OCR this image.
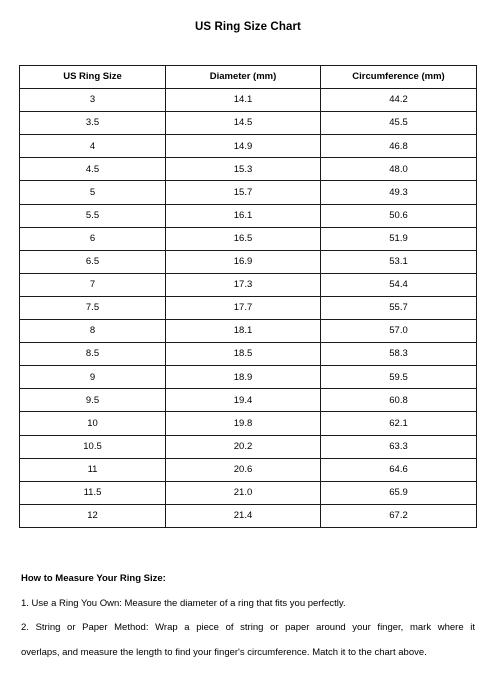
US Ring Size Chart
US Ring Size	Diameter (mm)	Circumference (mm)
3	14.1	44.2
3.5	14.5	45.5
4	14.9	46.8
4.5	15.3	48.0
5	15.7	49.3
5.5	16.1	50.6
6	16.5	51.9
6.5	16.9	53.1
7	17.3	54.4
7.5	17.7	55.7
8	18.1	57.0
8.5	18.5	58.3
9	18.9	59.5
9.5	19.4	60.8
10	19.8	62.1
10.5	20.2	63.3
11	20.6	64.6
11.5	21.0	65.9
12	21.4	67.2

How to Measure Your Ring Size:

1. Use a Ring You Own: Measure the diameter of a ring that fits you perfectly.

2. String or Paper Method: Wrap a piece of string or paper around your finger, mark where it

overlaps, and measure the length to find your finger's circumference. Match it to the chart above.
